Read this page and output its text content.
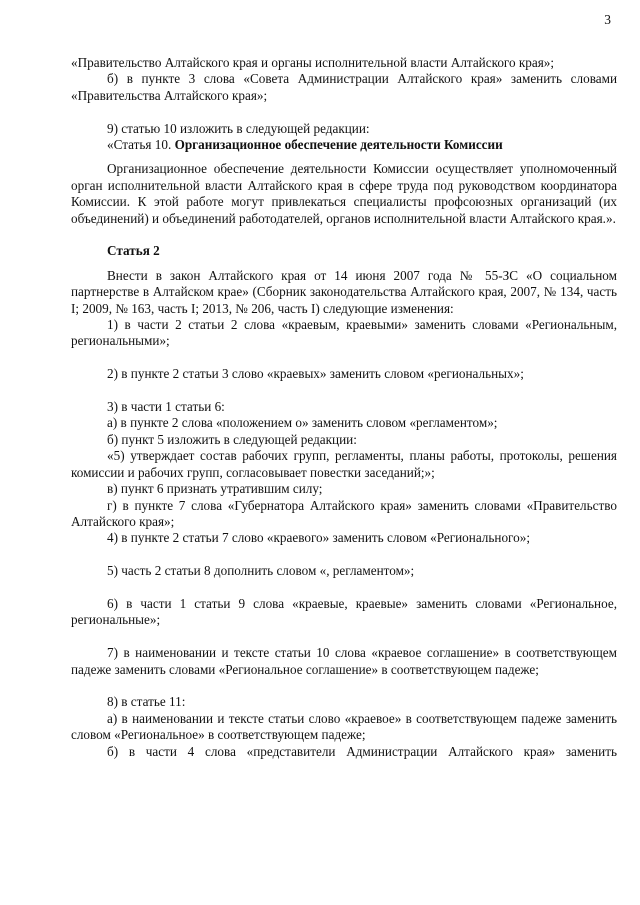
3

«Правительство Алтайского края и органы исполнительной власти Алтайского края»;

б) в пункте 3 слова «Совета Администрации Алтайского края» заменить словами «Правительства Алтайского края»;

9) статью 10 изложить в следующей редакции:

«Статья 10. Организационное обеспечение деятельности Комиссии

Организационное обеспечение деятельности Комиссии осуществляет уполномоченный орган исполнительной власти Алтайского края в сфере труда под руководством координатора Комиссии. К этой работе могут привлекаться специалисты профсоюзных организаций (их объединений) и объединений работодателей, органов исполнительной власти Алтайского края.».

Статья 2

Внести в закон Алтайского края от 14 июня 2007 года № 55-ЗС «О социальном партнерстве в Алтайском крае» (Сборник законодательства Алтайского края, 2007, № 134, часть I; 2009, № 163, часть I; 2013, № 206, часть I) следующие изменения:

1) в части 2 статьи 2 слова «краевым, краевыми» заменить словами «Региональным, региональными»;

2) в пункте 2 статьи 3 слово «краевых» заменить словом «региональных»;

3) в части 1 статьи 6:

а) в пункте 2 слова «положением о» заменить словом «регламентом»;

б) пункт 5 изложить в следующей редакции:

«5) утверждает состав рабочих групп, регламенты, планы работы, протоколы, решения комиссии и рабочих групп, согласовывает повестки заседаний;»;

в) пункт 6 признать утратившим силу;

г) в пункте 7 слова «Губернатора Алтайского края» заменить словами «Правительство Алтайского края»;

4) в пункте 2 статьи 7 слово «краевого» заменить словом «Регионального»;

5) часть 2 статьи 8 дополнить словом «, регламентом»;

6) в части 1 статьи 9 слова «краевые, краевые» заменить словами «Региональное, региональные»;

7) в наименовании и тексте статьи 10 слова «краевое соглашение» в соответствующем падеже заменить словами «Региональное соглашение» в соответствующем падеже;

8) в статье 11:

а) в наименовании и тексте статьи слово «краевое» в соответствующем падеже заменить словом «Региональное» в соответствующем падеже;

б) в части 4 слова «представители Администрации Алтайского края» заменить
